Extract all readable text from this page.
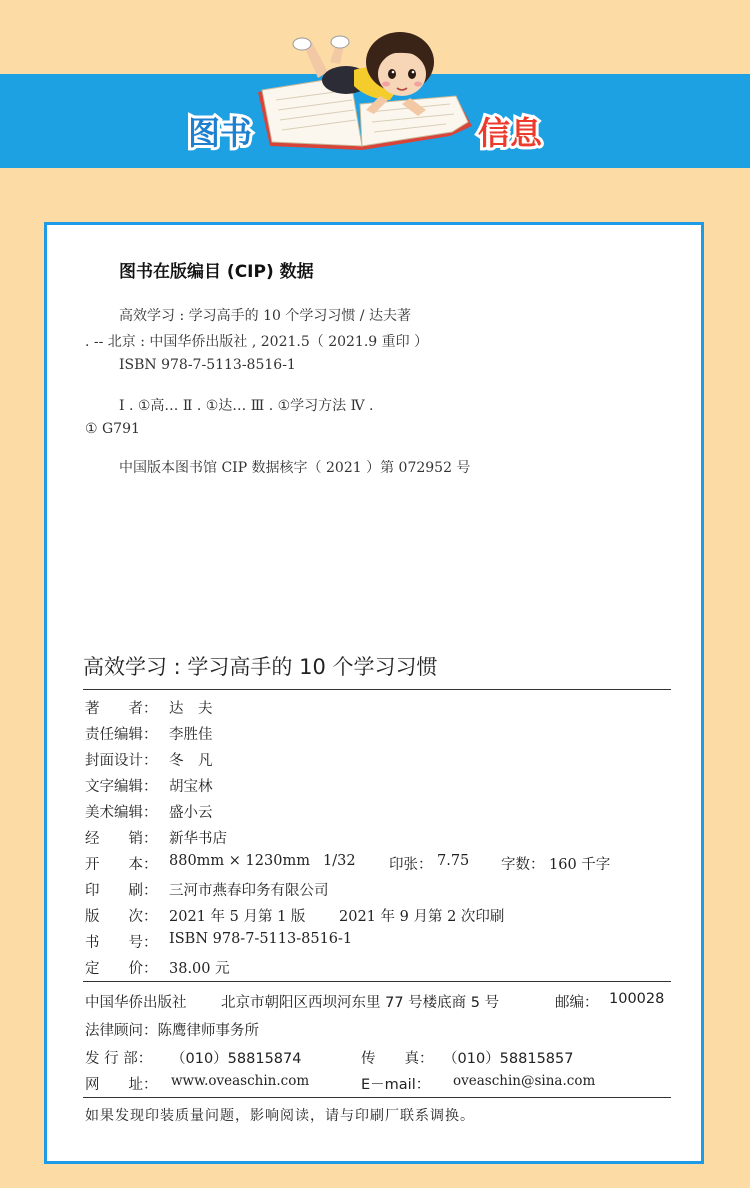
图书	信息
图书在版编目 (CIP) 数据
高效学习 : 学习高手的 10 个学习习惯 / 达夫著
. -- 北京 : 中国华侨出版社 , 2021.5（ 2021.9 重印 ）
ISBN 978-7-5113-8516-1
Ⅰ . ①高… Ⅱ . ①达… Ⅲ . ①学习方法 Ⅳ .
① G791
中国版本图书馆 CIP 数据核字（ 2021 ）第 072952 号
高效学习 : 学习高手的 10 个学习习惯
著　　者： 达　夫
责任编辑： 李胜佳
封面设计： 冬　凡
文字编辑： 胡宝林
美术编辑： 盛小云
经　　销： 新华书店
开　　本： 880mm × 1230mm 1/32 印张： 7.75 字数： 160 千字
印　　刷： 三河市燕春印务有限公司
版　　次： 2021 年 5 月第 1 版 2021 年 9 月第 2 次印刷
书　　号： ISBN 978-7-5113-8516-1
定　　价： 38.00 元
中国华侨出版社 北京市朝阳区西坝河东里 77 号楼底商 5 号	邮编： 100028
法律顾问：陈鹰律师事务所
发 行 部： （010）58815874	传　　真： （010）58815857
网　　址： www.oveaschin.com	E－mail： oveaschin@sina.com
如果发现印装质量问题，影响阅读，请与印刷厂联系调换。
